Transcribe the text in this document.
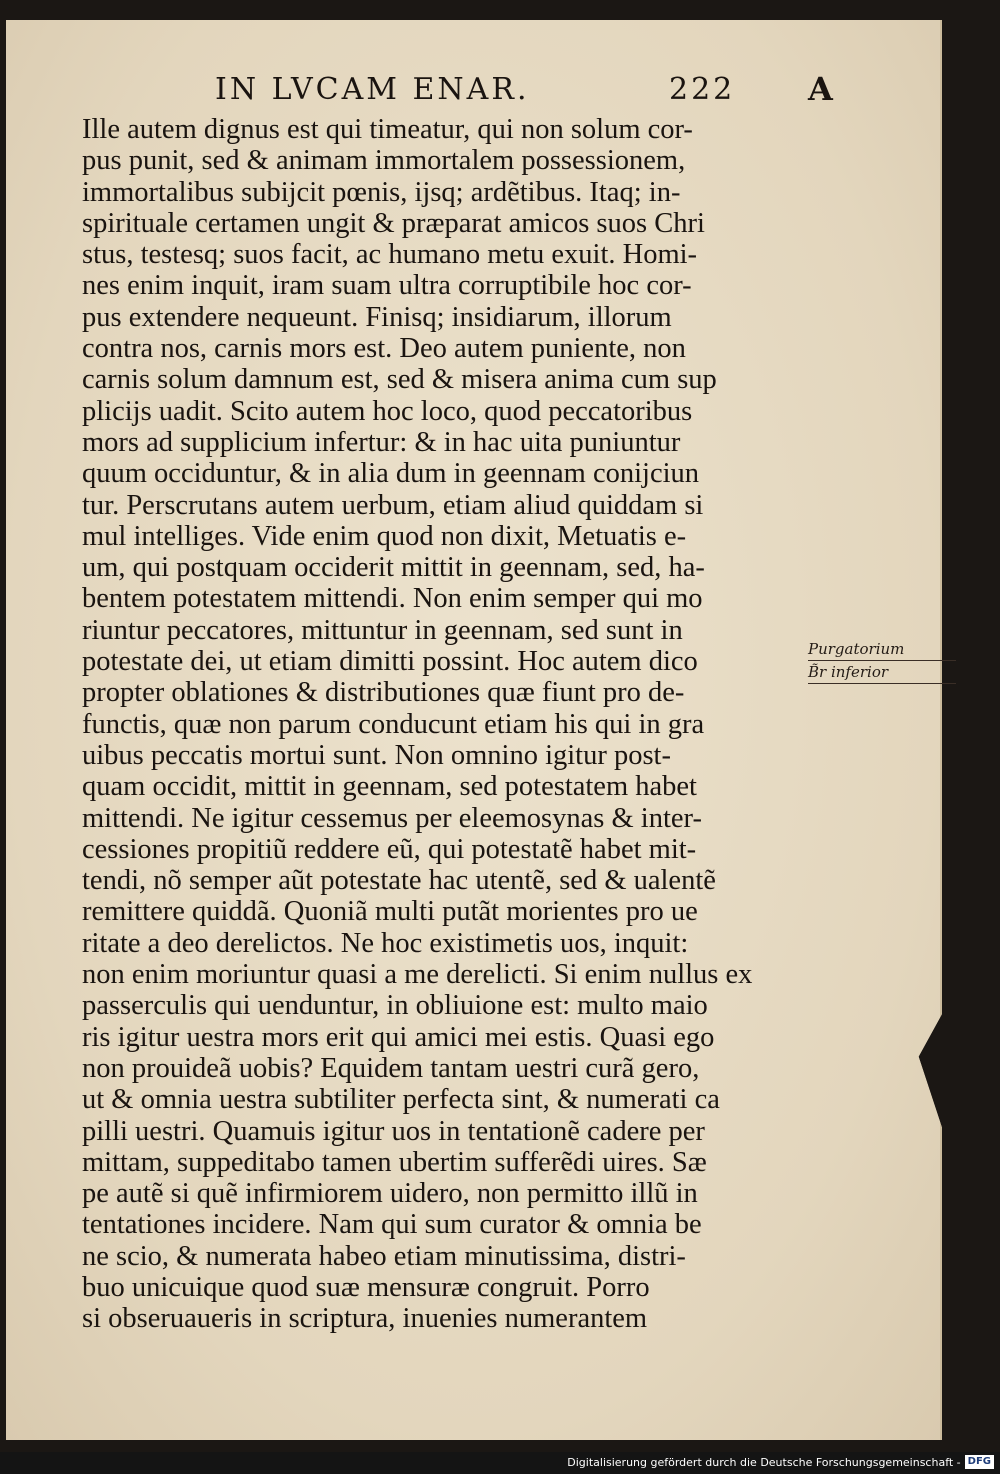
IN LVCAM ENAR.	222 A
Ille autem dignus est qui timeatur, qui non solum cor-
pus punit, sed & animam immortalem possessionem,
immortalibus subijcit pœnis, ijsq; ardẽtibus. Itaq; in-
spirituale certamen ungit & præparat amicos suos Chri
stus, testesq; suos facit, ac humano metu exuit. Homi-
nes enim inquit, iram suam ultra corruptibile hoc cor-
pus extendere nequeunt. Finisq; insidiarum, illorum
contra nos, carnis mors est. Deo autem puniente, non
carnis solum damnum est, sed & misera anima cum sup
plicijs uadit. Scito autem hoc loco, quod peccatoribus
mors ad supplicium infertur: & in hac uita puniuntur
quum occiduntur, & in alia dum in geennam conijciun
tur. Perscrutans autem uerbum, etiam aliud quiddam si
mul intelliges. Vide enim quod non dixit, Metuatis e-
um, qui postquam occiderit mittit in geennam, sed, ha-
bentem potestatem mittendi. Non enim semper qui mo
riuntur peccatores, mittuntur in geennam, sed sunt in
potestate dei, ut etiam dimitti possint. Hoc autem dico
propter oblationes & distributiones quæ fiunt pro de-
functis, quæ non parum conducunt etiam his qui in gra
uibus peccatis mortui sunt. Non omnino igitur post-
quam occidit, mittit in geennam, sed potestatem habet
mittendi. Ne igitur cessemus per eleemosynas & inter-
cessiones propitiũ reddere eũ, qui potestatẽ habet mit-
tendi, nõ semper aũt potestate hac utentẽ, sed & ualentẽ
remittere quiddã. Quoniã multi putãt morientes pro ue
ritate a deo derelictos. Ne hoc existimetis uos, inquit:
non enim moriuntur quasi a me derelicti. Si enim nullus ex
passerculis qui uenduntur, in obliuione est: multo maio
ris igitur uestra mors erit qui amici mei estis. Quasi ego
non prouideã uobis? Equidem tantam uestri curã gero,
ut & omnia uestra subtiliter perfecta sint, & numerati ca
pilli uestri. Quamuis igitur uos in tentationẽ cadere per
mittam, suppeditabo tamen ubertim sufferẽdi uires. Sæ
pe autẽ si quẽ infirmiorem uidero, non permitto illũ in
tentationes incidere. Nam qui sum curator & omnia be
ne scio, & numerata habeo etiam minutissima, distri-
buo unicuique quod suæ mensuræ congruit. Porro
si obseruaueris in scriptura, inuenies numerantem
Purgatorium
B̃r inferior
Digitalisierung gefördert durch die Deutsche Forschungsgemeinschaft - DFG
